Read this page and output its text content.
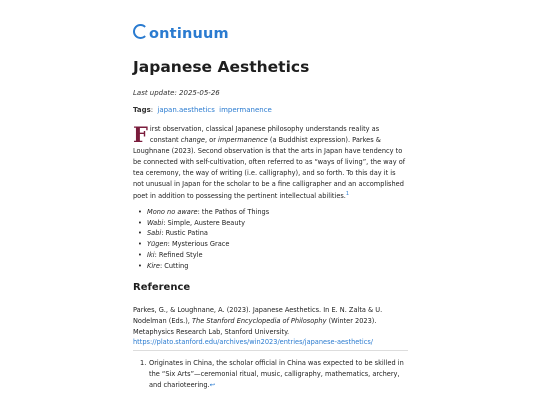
ontinuum
Japanese Aesthetics
Last update: 2025-05-26
Tags: japan.aesthetics impermanence

First observation, classical Japanese philosophy understands reality as constant change, or impermanence (a Buddhist expression). Parkes & Loughnane (2023). Second observation is that the arts in Japan have tendency to be connected with self-cultivation, often referred to as “ways of living”, the way of tea ceremony, the way of writing (i.e. calligraphy), and so forth. To this day it is not unusual in Japan for the scholar to be a fine calligrapher and an accomplished poet in addition to possessing the pertinent intellectual abilities.$^1$

• Mono no aware: the Pathos of Things
• Wabi: Simple, Austere Beauty
• Sabi: Rustic Patina
• Yūgen: Mysterious Grace
• Iki: Refined Style
• Kire: Cutting
Reference

Parkes, G., & Loughnane, A. (2023). Japanese Aesthetics. In E. N. Zalta & U. Nodelman (Eds.), The Stanford Encyclopedia of Philosophy (Winter 2023). Metaphysics Research Lab, Stanford University.
https://plato.stanford.edu/archives/win2023/entries/japanese-aesthetics/

1. Originates in China, the scholar official in China was expected to be skilled in the “Six Arts”—ceremonial ritual, music, calligraphy, mathematics, archery, and charioteering.↩
